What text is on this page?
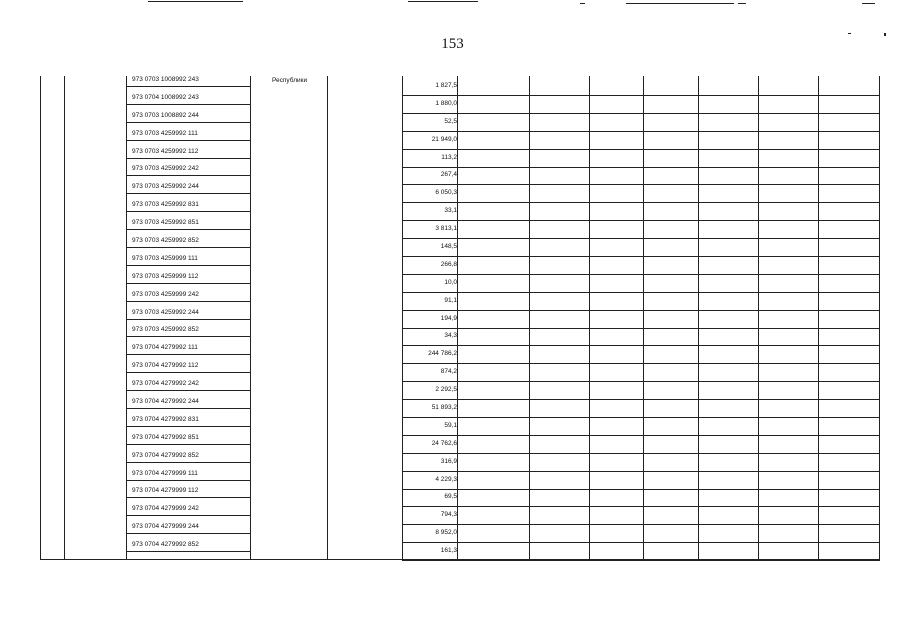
153
Республики
973 0703 1008992 243
973 0704 1008992 243
973 0703 1008892 244
973 0703 4259992 111
973 0703 4259992 112
973 0703 4259992 242
973 0703 4259992 244
973 0703 4259992 831
973 0703 4259992 851
973 0703 4259992 852
973 0703 4259999 111
973 0703 4259999 112
973 0703 4259999 242
973 0703 4259992 244
973 0703 4259992 852
973 0704 4279992 111
973 0704 4279992 112
973 0704 4279992 242
973 0704 4279992 244
973 0704 4279992 831
973 0704 4279992 851
973 0704 4279992 852
973 0704 4279999 111
973 0704 4279999 112
973 0704 4279999 242
973 0704 4279999 244
973 0704 4279992 852
1 827,5
1 880,0
52,5
21 949,0
113,2
267,4
6 050,3
33,1
3 813,1
148,5
266,8
10,0
91,1
194,9
34,3
244 786,2
874,2
2 292,5
51 893,2
59,1
24 762,6
316,9
4 229,3
69,5
794,3
8 952,0
161,3
